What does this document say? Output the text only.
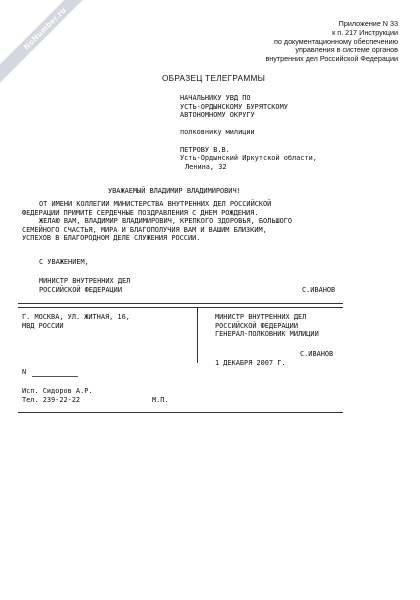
NoNumber.ru	Приложение N 33
к п. 217 Инструкции
по документационному обеспечению
управления в системе органов
внутренних дел Российской Федерации
ОБРАЗЕЦ ТЕЛЕГРАММЫ
НАЧАЛЬНИКУ УВД ПО
УСТЬ-ОРДЫНСКОМУ БУРЯТСКОМУ
АВТОНОМНОМУ ОКРУГУ
полковнику милиции
ПЕТРОВУ В.В.
Усть-Ордынский Иркутской области,
Ленина, 32
УВАЖАЕМЫЙ ВЛАДИМИР ВЛАДИМИРОВИЧ!
ОТ ИМЕНИ КОЛЛЕГИИ МИНИСТЕРСТВА ВНУТРЕННИХ ДЕЛ РОССИЙСКОЙ
ФЕДЕРАЦИИ ПРИМИТЕ СЕРДЕЧНЫЕ ПОЗДРАВЛЕНИЯ С ДНЕМ РОЖДЕНИЯ.
ЖЕЛАЮ ВАМ, ВЛАДИМИР ВЛАДИМИРОВИЧ, КРЕПКОГО ЗДОРОВЬЯ, БОЛЬШОГО
СЕМЕЙНОГО СЧАСТЬЯ, МИРА И БЛАГОПОЛУЧИЯ ВАМ И ВАШИМ БЛИЗКИМ,
УСПЕХОВ В БЛАГОРОДНОМ ДЕЛЕ СЛУЖЕНИЯ РОССИИ.
С УВАЖЕНИЕМ,
МИНИСТР ВНУТРЕННИХ ДЕЛ
РОССИЙСКОЙ ФЕДЕРАЦИИ	С.ИВАНОВ
Г. МОСКВА, УЛ. ЖИТНАЯ, 16,
МВД РОССИИ
МИНИСТР ВНУТРЕННИХ ДЕЛ
РОССИЙСКОЙ ФЕДЕРАЦИИ
ГЕНЕРАЛ-ПОЛКОВНИК МИЛИЦИИ
С.ИВАНОВ
1 ДЕКАБРЯ 2007 Г.
N
Исп. Сидоров А.Р.
Тел. 239-22-22	М.П.
